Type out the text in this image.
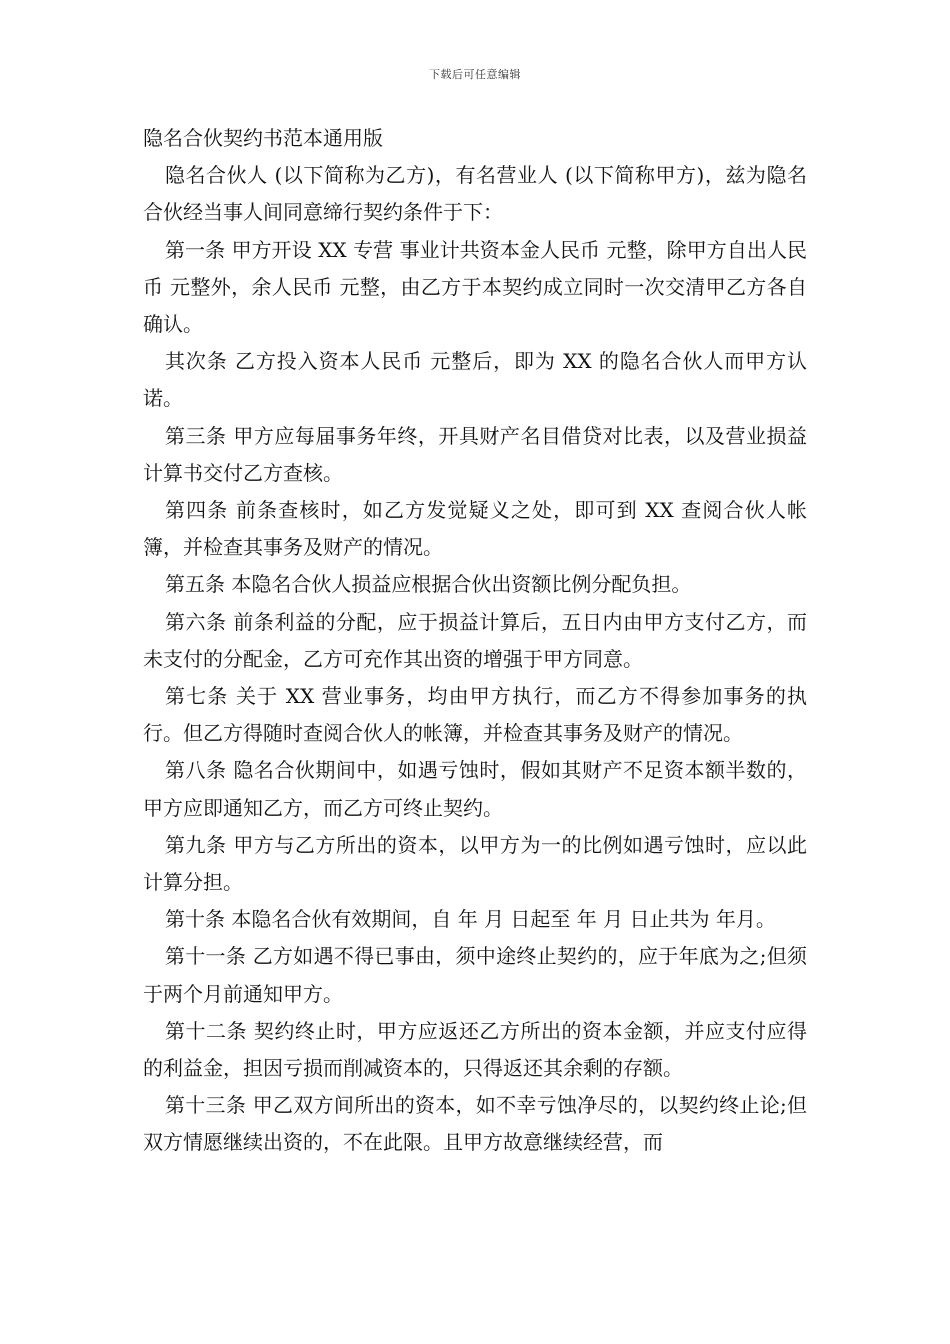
下载后可任意编辑
隐名合伙契约书范本通用版

隐名合伙人 (以下简称为乙方)，有名营业人 (以下简称甲方)，兹为隐名合伙经当事人间同意缔行契约条件于下：

第一条 甲方开设 XX 专营 事业计共资本金人民币 元整，除甲方自出人民币 元整外，余人民币 元整，由乙方于本契约成立同时一次交清甲乙方各自确认。

其次条 乙方投入资本人民币 元整后，即为 XX 的隐名合伙人而甲方认诺。

第三条 甲方应每届事务年终，开具财产名目借贷对比表，以及营业损益计算书交付乙方查核。

第四条 前条查核时，如乙方发觉疑义之处，即可到 XX 查阅合伙人帐簿，并检查其事务及财产的情况。

第五条 本隐名合伙人损益应根据合伙出资额比例分配负担。

第六条 前条利益的分配，应于损益计算后，五日内由甲方支付乙方，而未支付的分配金，乙方可充作其出资的增强于甲方同意。

第七条 关于 XX 营业事务，均由甲方执行，而乙方不得参加事务的执行。但乙方得随时查阅合伙人的帐簿，并检查其事务及财产的情况。

第八条 隐名合伙期间中，如遇亏蚀时，假如其财产不足资本额半数的，甲方应即通知乙方，而乙方可终止契约。

第九条 甲方与乙方所出的资本，以甲方为一的比例如遇亏蚀时，应以此计算分担。

第十条 本隐名合伙有效期间，自 年 月 日起至 年 月 日止共为 年月。

第十一条 乙方如遇不得已事由，须中途终止契约的，应于年底为之;但须于两个月前通知甲方。

第十二条 契约终止时，甲方应返还乙方所出的资本金额，并应支付应得的利益金，担因亏损而削减资本的，只得返还其余剩的存额。

第十三条 甲乙双方间所出的资本，如不幸亏蚀净尽的，以契约终止论;但双方情愿继续出资的，不在此限。且甲方故意继续经营，而
